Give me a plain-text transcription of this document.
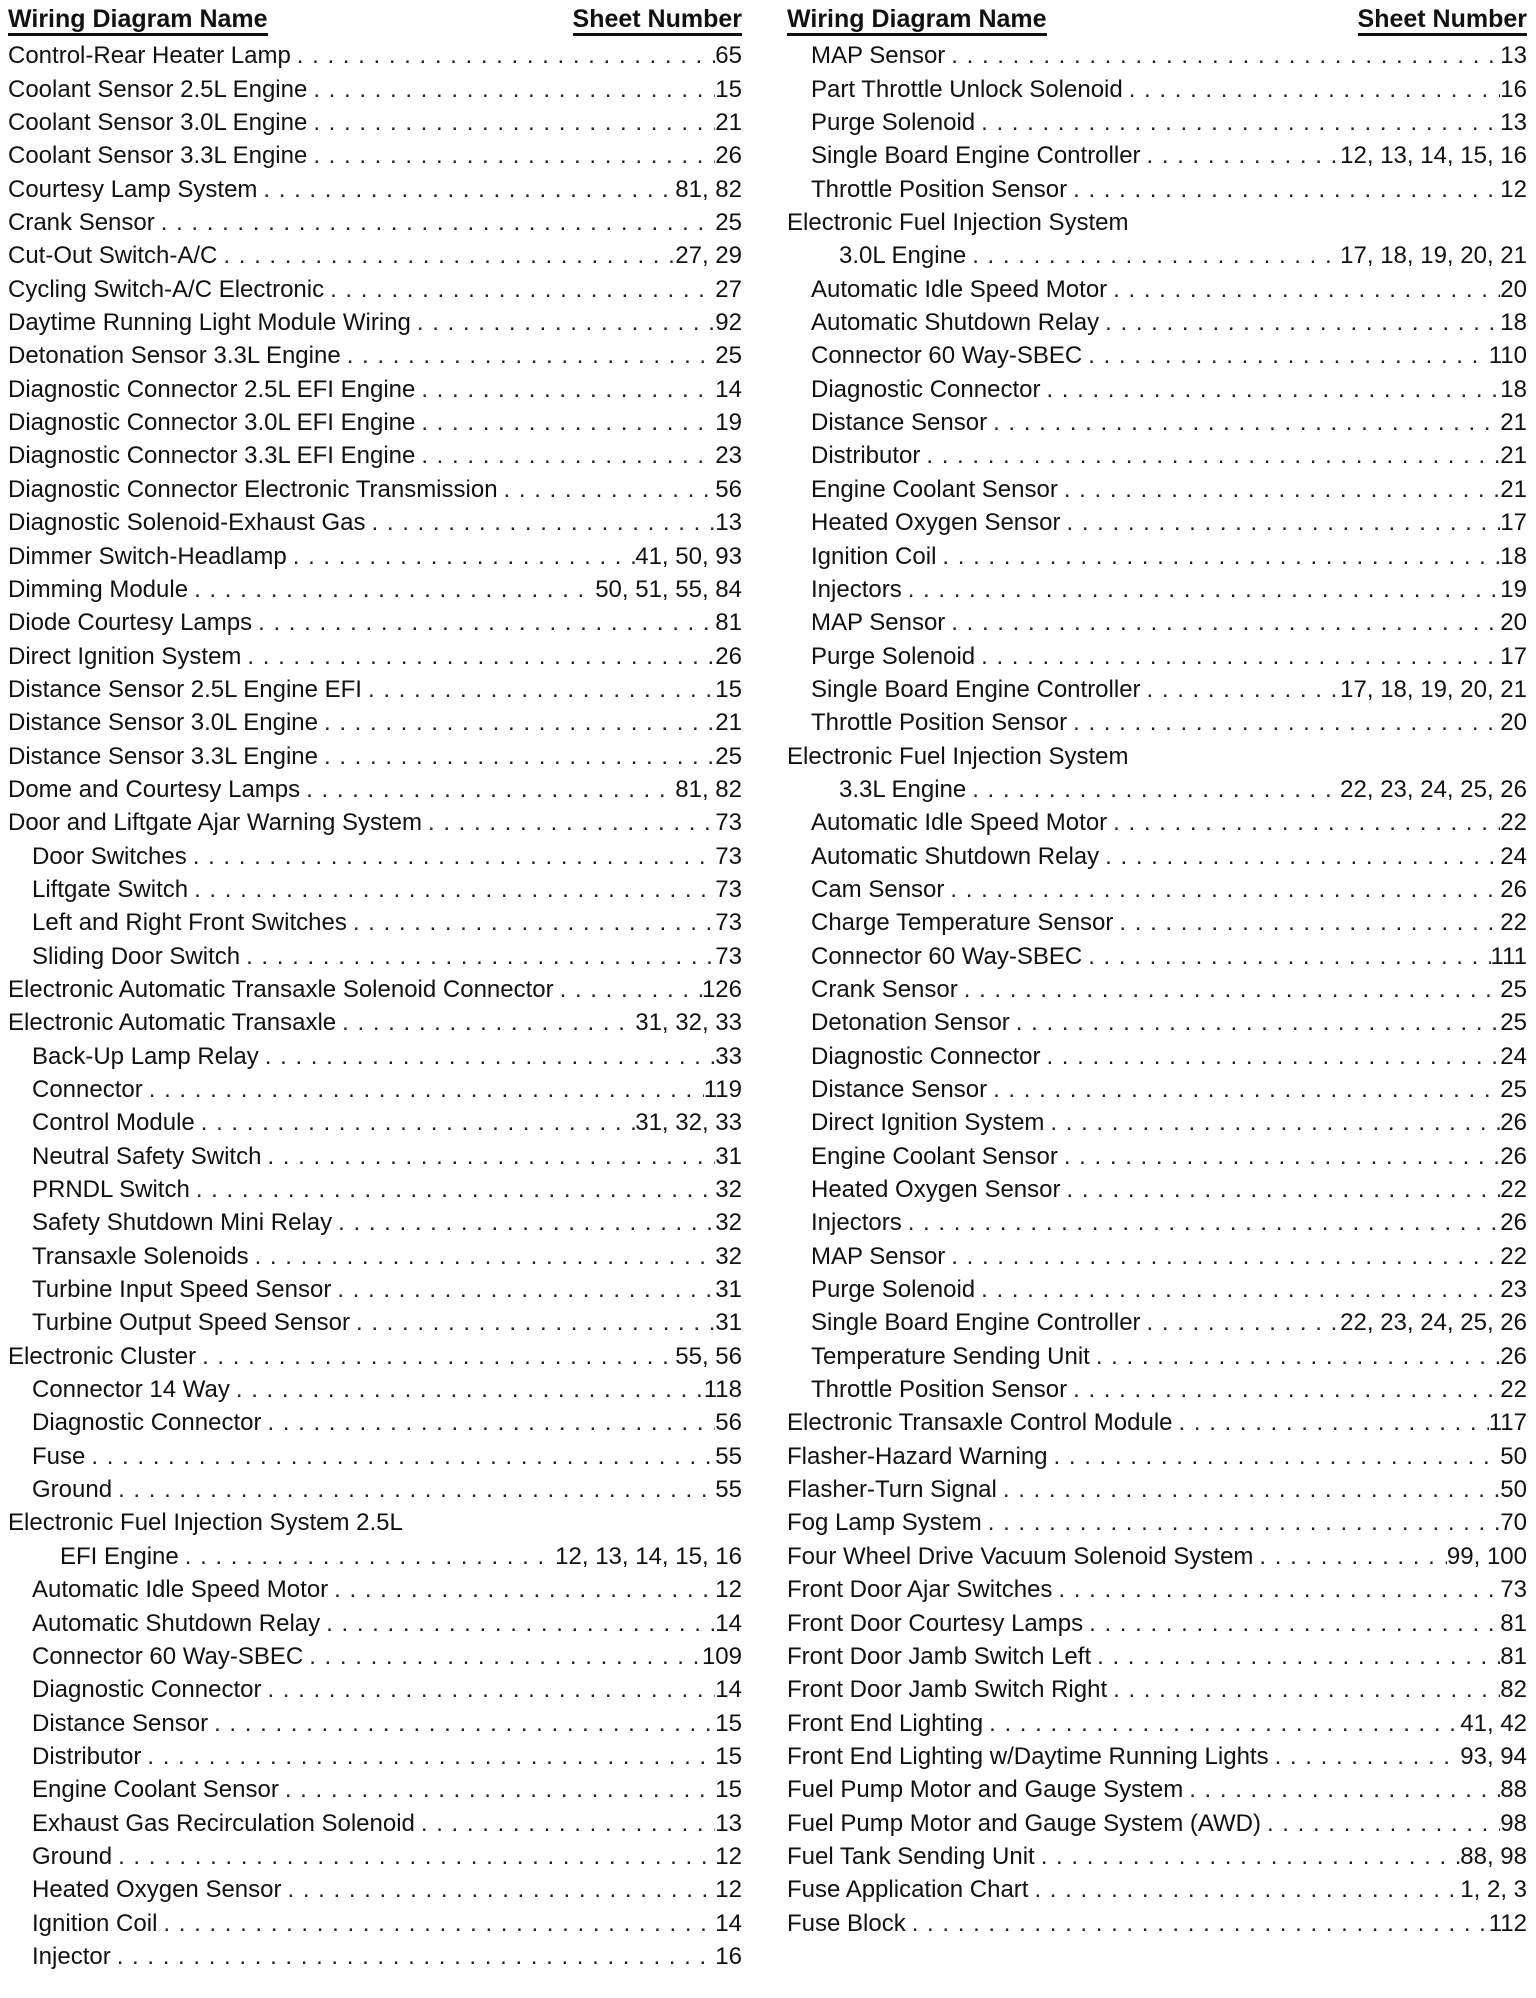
Wiring Diagram Name	Sheet Number
Control-Rear Heater Lamp . . .	65
Coolant Sensor 2.5L Engine . . .	15
Coolant Sensor 3.0L Engine . . .	21
Coolant Sensor 3.3L Engine . . .	26
Courtesy Lamp System . . .	81, 82
Crank Sensor . . .	25
Cut-Out Switch-A/C . . .	27, 29
Cycling Switch-A/C Electronic . . .	27
Daytime Running Light Module Wiring . . .	92
Detonation Sensor 3.3L Engine . . .	25
Diagnostic Connector 2.5L EFI Engine . . .	14
Diagnostic Connector 3.0L EFI Engine . . .	19
Diagnostic Connector 3.3L EFI Engine . . .	23
Diagnostic Connector Electronic Transmission . . .	56
Diagnostic Solenoid-Exhaust Gas . . .	13
Dimmer Switch-Headlamp . . .	41, 50, 93
Dimming Module . . .	50, 51, 55, 84
Diode Courtesy Lamps . . .	81
Direct Ignition System . . .	26
Distance Sensor 2.5L Engine EFI . . .	15
Distance Sensor 3.0L Engine . . .	21
Distance Sensor 3.3L Engine . . .	25
Dome and Courtesy Lamps . . .	81, 82
Door and Liftgate Ajar Warning System . . .	73
Door Switches . . .	73
Liftgate Switch . . .	73
Left and Right Front Switches . . .	73
Sliding Door Switch . . .	73
Electronic Automatic Transaxle Solenoid Connector . . .	126
Electronic Automatic Transaxle . . .	31, 32, 33
Back-Up Lamp Relay . . .	33
Connector . . .	119
Control Module . . .	31, 32, 33
Neutral Safety Switch . . .	31
PRNDL Switch . . .	32
Safety Shutdown Mini Relay . . .	32
Transaxle Solenoids . . .	32
Turbine Input Speed Sensor . . .	31
Turbine Output Speed Sensor . . .	31
Electronic Cluster . . .	55, 56
Connector 14 Way . . .	118
Diagnostic Connector . . .	56
Fuse . . .	55
Ground . . .	55
Electronic Fuel Injection System 2.5L
EFI Engine . . .	12, 13, 14, 15, 16
Automatic Idle Speed Motor . . .	12
Automatic Shutdown Relay . . .	14
Connector 60 Way-SBEC . . .	109
Diagnostic Connector . . .	14
Distance Sensor . . .	15
Distributor . . .	15
Engine Coolant Sensor . . .	15
Exhaust Gas Recirculation Solenoid . . .	13
Ground . . .	12
Heated Oxygen Sensor . . .	12
Ignition Coil . . .	14
Injector . . .	16
Wiring Diagram Name	Sheet Number
MAP Sensor . . .	13
Part Throttle Unlock Solenoid . . .	16
Purge Solenoid . . .	13
Single Board Engine Controller . . .	12, 13, 14, 15, 16
Throttle Position Sensor . . .	12
Electronic Fuel Injection System
3.0L Engine . . .	17, 18, 19, 20, 21
Automatic Idle Speed Motor . . .	20
Automatic Shutdown Relay . . .	18
Connector 60 Way-SBEC . . .	110
Diagnostic Connector . . .	18
Distance Sensor . . .	21
Distributor . . .	21
Engine Coolant Sensor . . .	21
Heated Oxygen Sensor . . .	17
Ignition Coil . . .	18
Injectors . . .	19
MAP Sensor . . .	20
Purge Solenoid . . .	17
Single Board Engine Controller . . .	17, 18, 19, 20, 21
Throttle Position Sensor . . .	20
Electronic Fuel Injection System
3.3L Engine . . .	22, 23, 24, 25, 26
Automatic Idle Speed Motor . . .	22
Automatic Shutdown Relay . . .	24
Cam Sensor . . .	26
Charge Temperature Sensor . . .	22
Connector 60 Way-SBEC . . .	111
Crank Sensor . . .	25
Detonation Sensor . . .	25
Diagnostic Connector . . .	24
Distance Sensor . . .	25
Direct Ignition System . . .	26
Engine Coolant Sensor . . .	26
Heated Oxygen Sensor . . .	22
Injectors . . .	26
MAP Sensor . . .	22
Purge Solenoid . . .	23
Single Board Engine Controller . . .	22, 23, 24, 25, 26
Temperature Sending Unit . . .	26
Throttle Position Sensor . . .	22
Electronic Transaxle Control Module . . .	117
Flasher-Hazard Warning . . .	50
Flasher-Turn Signal . . .	50
Fog Lamp System . . .	70
Four Wheel Drive Vacuum Solenoid System . . .	99, 100
Front Door Ajar Switches . . .	73
Front Door Courtesy Lamps . . .	81
Front Door Jamb Switch Left . . .	81
Front Door Jamb Switch Right . . .	82
Front End Lighting . . .	41, 42
Front End Lighting w/Daytime Running Lights . . .	93, 94
Fuel Pump Motor and Gauge System . . .	88
Fuel Pump Motor and Gauge System (AWD) . . .	98
Fuel Tank Sending Unit . . .	88, 98
Fuse Application Chart . . .	1, 2, 3
Fuse Block . . .	112
